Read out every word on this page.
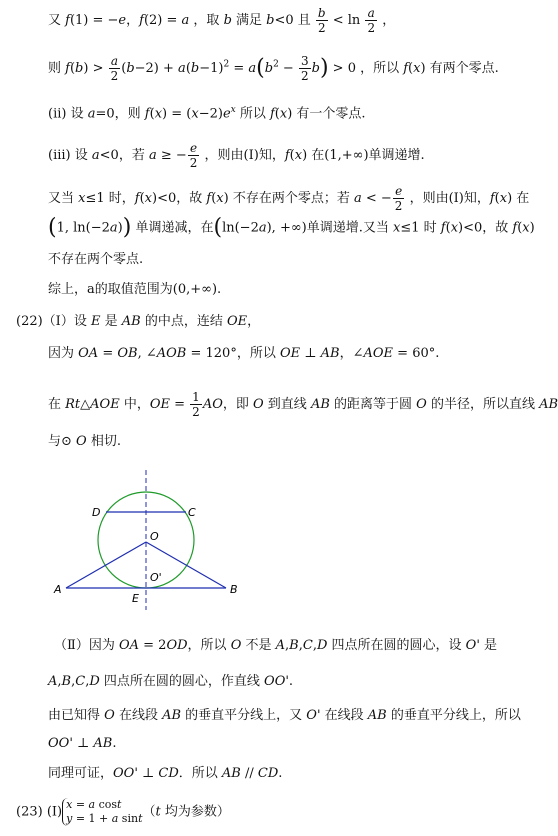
又 f(1) = −e，f(2) = a ，取 b 满足 b<0 且 $\frac{b}{2} < \ln \frac{a}{2}$ ，
则 $f(b) > \frac{a}{2} (b-2) + a(b-1)^2 = a(b^2 - \frac{3}{2} b) > 0$ ，所以 f(x) 有两个零点.
(ii) 设 a=0，则 $f(x) = (x-2)e^x$ 所以 f(x) 有一个零点.
(iii) 设 a<0，若 a ≥ − $\frac{e}{2}$ ，则由(I)知，f(x) 在(1,+∞)单调递增.
又当 x≤1 时，f(x)<0，故 f(x) 不存在两个零点；若 a < − $\frac{e}{2}$ ，则由(I)知，f(x) 在
(1, ln(−2a)) 单调递减，在(ln(−2a), +∞)单调递增.又当 x≤1 时 f(x)<0，故 f(x)
不存在两个零点.
综上，a的取值范围为(0,+∞).
(22)（Ⅰ）设 E 是 AB 的中点，连结 OE，
因为 OA = OB, ∠AOB = 120°，所以 OE ⊥ AB，∠AOE = 60°.
在 Rt△AOE 中，OE = $\frac{1}{2}$ AO，即 O 到直线 AB 的距离等于圆 O 的半径，所以直线 AB
与⊙ O 相切.
D	C
O
O'
A
E
B
（Ⅱ）因为 OA = 2OD，所以 O 不是 A,B,C,D 四点所在圆的圆心，设 O' 是
A,B,C,D 四点所在圆的圆心，作直线 OO'.
由已知得 O 在线段 AB 的垂直平分线上，又 O' 在线段 AB 的垂直平分线上，所以
OO' ⊥ AB.
同理可证，OO' ⊥ CD．所以 AB // CD.
(23) (I) x = a cost
y = 1 + a sint（t 均为参数）
